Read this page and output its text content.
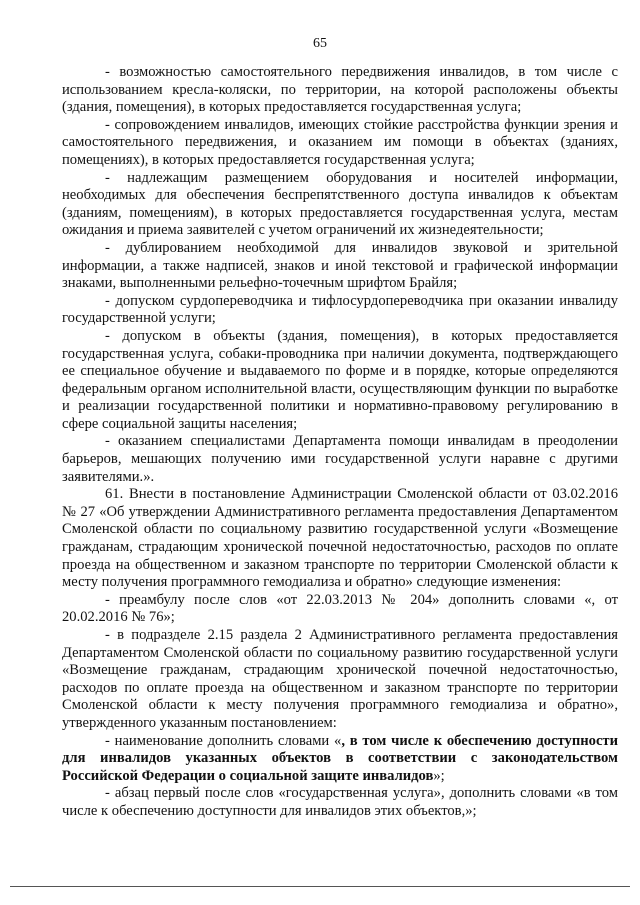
65

- возможностью самостоятельного передвижения инвалидов, в том числе с использованием кресла-коляски, по территории, на которой расположены объекты (здания, помещения), в которых предоставляется государственная услуга;

- сопровождением инвалидов, имеющих стойкие расстройства функции зрения и самостоятельного передвижения, и оказанием им помощи в объектах (зданиях, помещениях), в которых предоставляется государственная услуга;

- надлежащим размещением оборудования и носителей информации, необходимых для обеспечения беспрепятственного доступа инвалидов к объектам (зданиям, помещениям), в которых предоставляется государственная услуга, местам ожидания и приема заявителей с учетом ограничений их жизнедеятельности;

- дублированием необходимой для инвалидов звуковой и зрительной информации, а также надписей, знаков и иной текстовой и графической информации знаками, выполненными рельефно-точечным шрифтом Брайля;

- допуском сурдопереводчика и тифлосурдопереводчика при оказании инвалиду государственной услуги;

- допуском в объекты (здания, помещения), в которых предоставляется государственная услуга, собаки-проводника при наличии документа, подтверждающего ее специальное обучение и выдаваемого по форме и в порядке, которые определяются федеральным органом исполнительной власти, осуществляющим функции по выработке и реализации государственной политики и нормативно-правовому регулированию в сфере социальной защиты населения;

- оказанием специалистами Департамента помощи инвалидам в преодолении барьеров, мешающих получению ими государственной услуги наравне с другими заявителями.».

61. Внести в постановление Администрации Смоленской области от 03.02.2016 № 27 «Об утверждении Административного регламента предоставления Департаментом Смоленской области по социальному развитию государственной услуги «Возмещение гражданам, страдающим хронической почечной недостаточностью, расходов по оплате проезда на общественном и заказном транспорте по территории Смоленской области к месту получения программного гемодиализа и обратно» следующие изменения:

- преамбулу после слов «от 22.03.2013 № 204» дополнить словами «, от 20.02.2016 № 76»;

- в подразделе 2.15 раздела 2 Административного регламента предоставления Департаментом Смоленской области по социальному развитию государственной услуги «Возмещение гражданам, страдающим хронической почечной недостаточностью, расходов по оплате проезда на общественном и заказном транспорте по территории Смоленской области к месту получения программного гемодиализа и обратно», утвержденного указанным постановлением:

- наименование дополнить словами «, в том числе к обеспечению доступности для инвалидов указанных объектов в соответствии с законодательством Российской Федерации о социальной защите инвалидов»;

- абзац первый после слов «государственная услуга», дополнить словами «в том числе к обеспечению доступности для инвалидов этих объектов,»;
